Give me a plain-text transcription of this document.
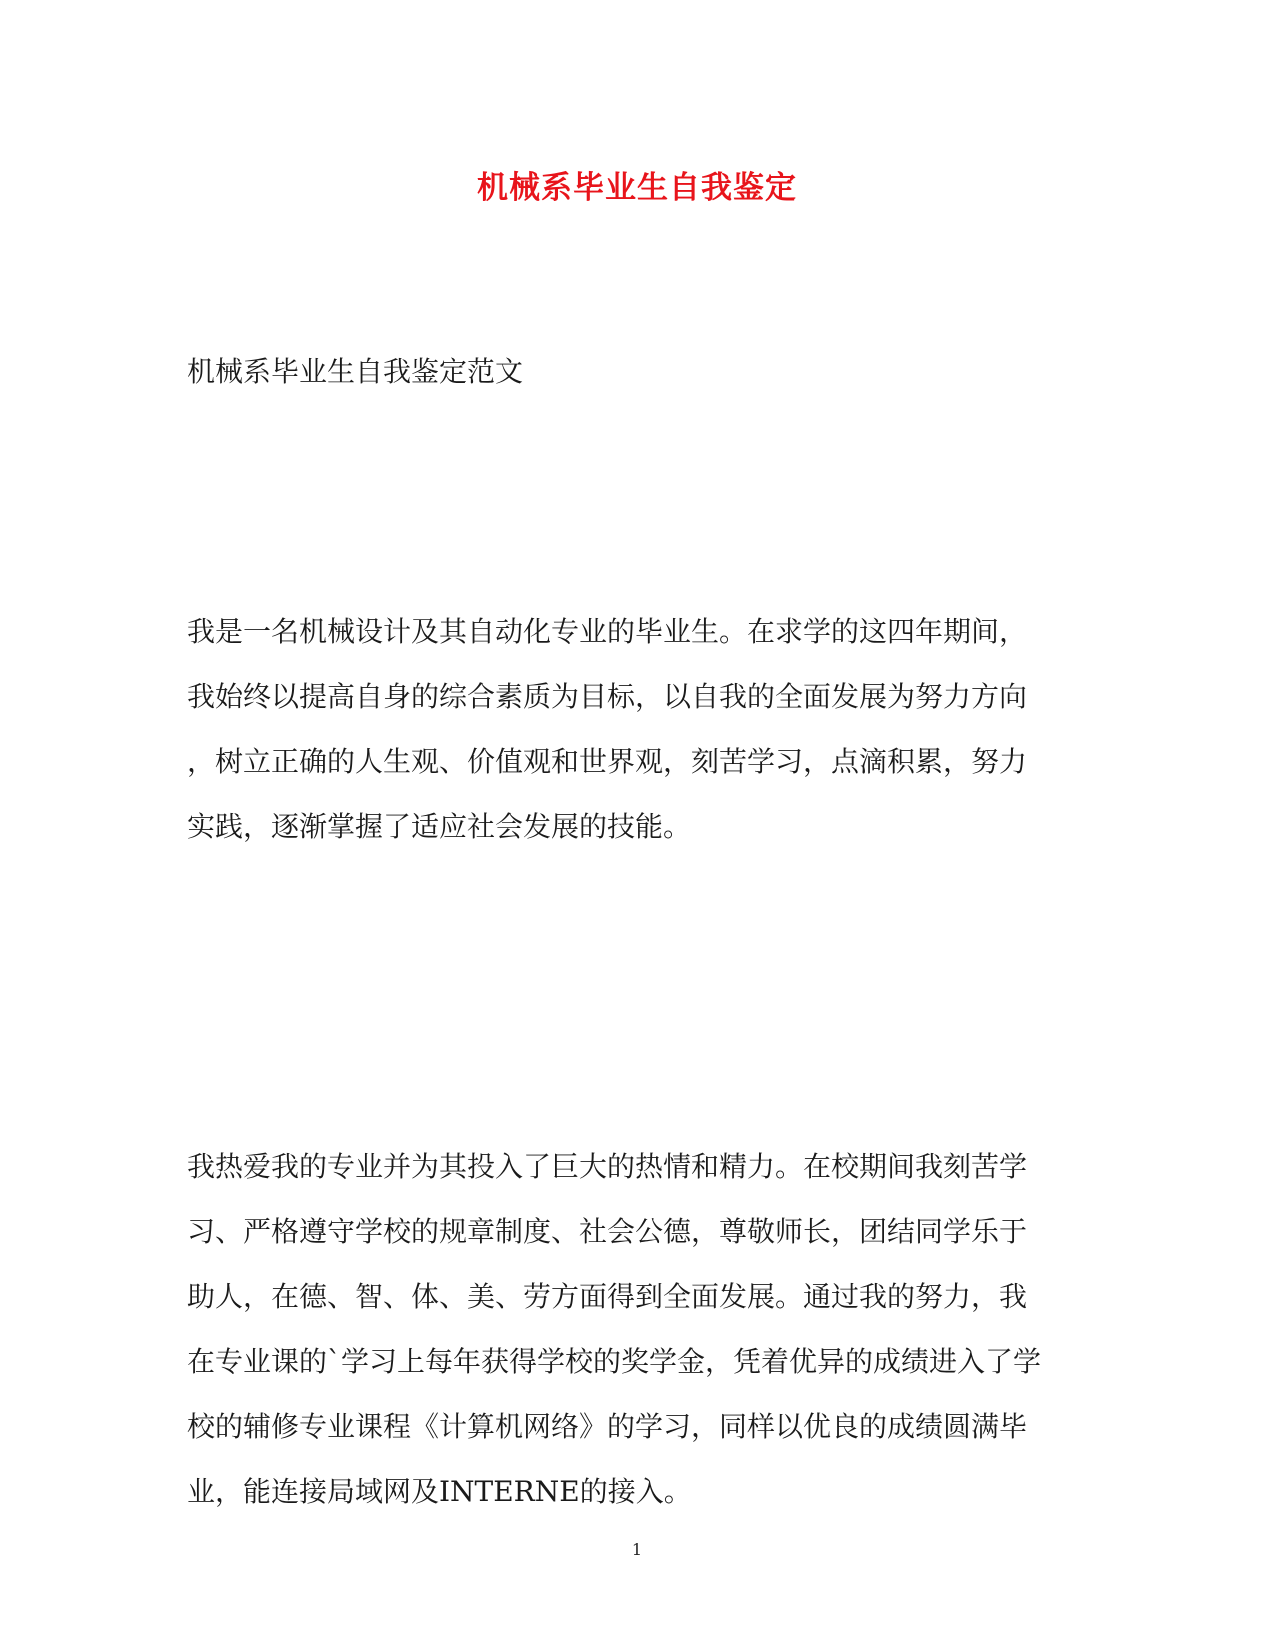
机械系毕业生自我鉴定

机械系毕业生自我鉴定范文

我是一名机械设计及其自动化专业的毕业生。在求学的这四年期间，
我始终以提高自身的综合素质为目标，以自我的全面发展为努力方向
，树立正确的人生观、价值观和世界观，刻苦学习，点滴积累，努力
实践，逐渐掌握了适应社会发展的技能。
我热爱我的专业并为其投入了巨大的热情和精力。在校期间我刻苦学
习、严格遵守学校的规章制度、社会公德，尊敬师长，团结同学乐于
助人，在德、智、体、美、劳方面得到全面发展。通过我的努力，我
在专业课的`学习上每年获得学校的奖学金，凭着优异的成绩进入了学
校的辅修专业课程《计算机网络》的学习，同样以优良的成绩圆满毕
业，能连接局域网及INTERNE的接入。
1
